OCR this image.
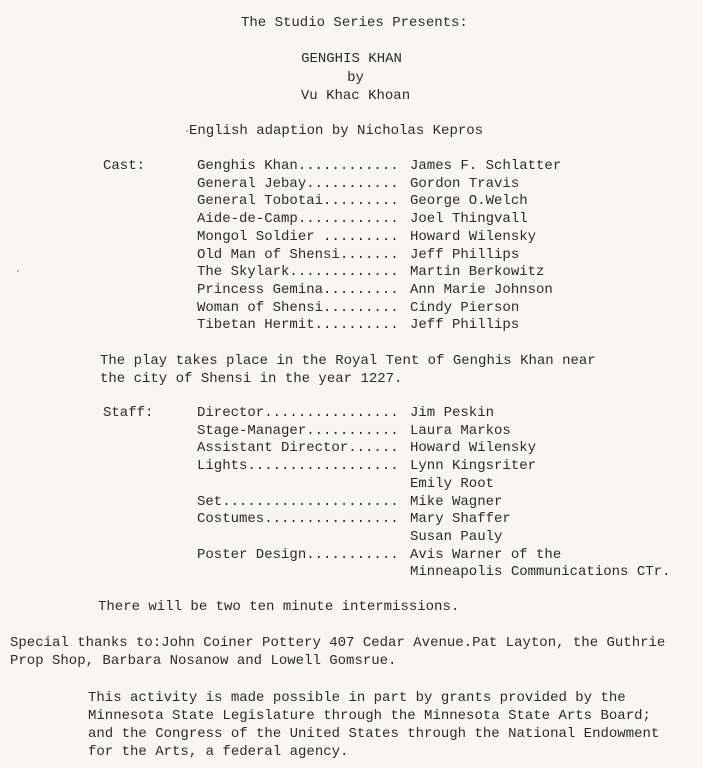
The Studio Series Presents:
GENGHIS KHAN
by
Vu Khac Khoan
English adaption by Nicholas Kepros
Cast:	Genghis Khan............ James F. Schlatter
General Jebay........... Gordon Travis
General Tobotai......... George O.Welch
Aide-de-Camp............ Joel Thingvall
Mongol Soldier ......... Howard Wilensky
Old Man of Shensi....... Jeff Phillips
The Skylark............. Martin Berkowitz
Princess Gemina......... Ann Marie Johnson
Woman of Shensi......... Cindy Pierson
Tibetan Hermit.......... Jeff Phillips
The play takes place in the Royal Tent of Genghis Khan near
the city of Shensi in the year 1227.
Staff:	Director................ Jim Peskin
Stage-Manager........... Laura Markos
Assistant Director...... Howard Wilensky
Lights.................. Lynn Kingsriter
Emily Root
Set..................... Mike Wagner
Costumes................ Mary Shaffer
Susan Pauly
Poster Design........... Avis Warner of the
Minneapolis Communications CTr.
There will be two ten minute intermissions.
Special thanks to:John Coiner Pottery 407 Cedar Avenue.Pat Layton, the Guthrie
Prop Shop, Barbara Nosanow and Lowell Gomsrue.
This activity is made possible in part by grants provided by the
Minnesota State Legislature through the Minnesota State Arts Board;
and the Congress of the United States through the National Endowment
for the Arts, a federal agency.
